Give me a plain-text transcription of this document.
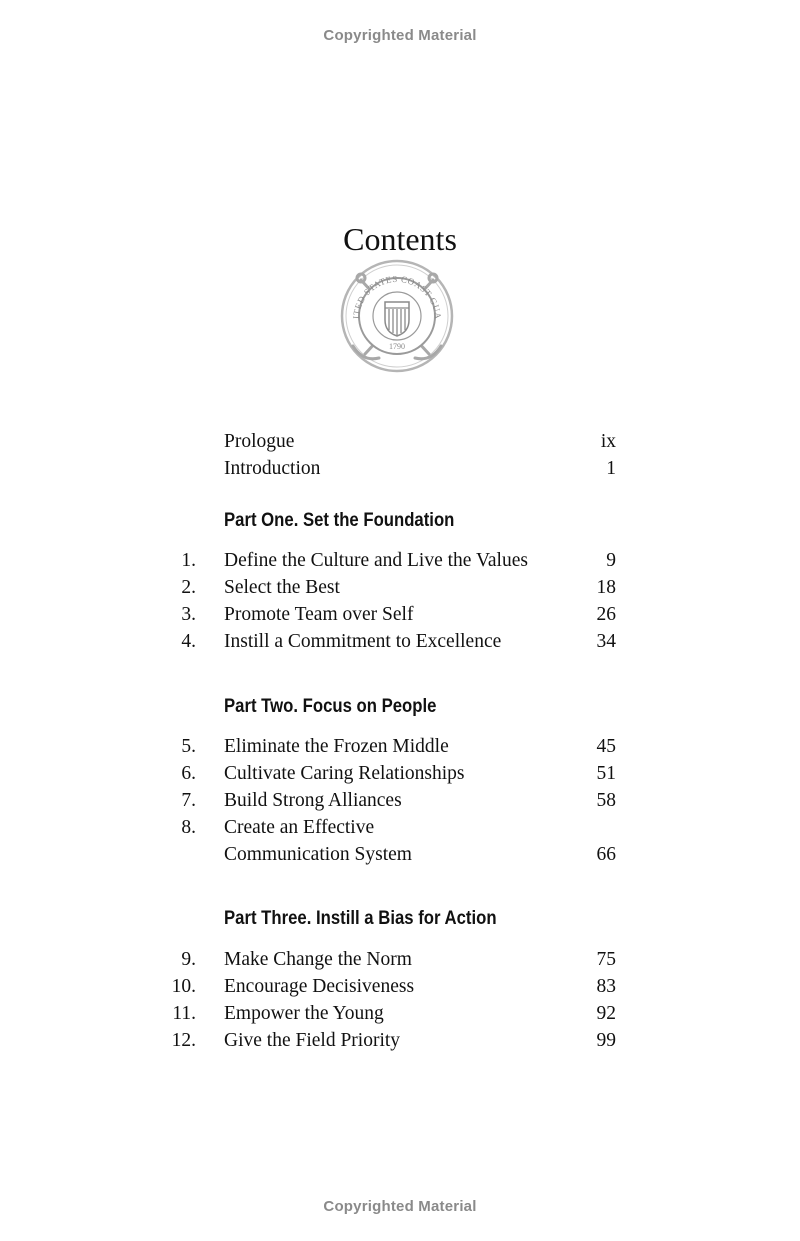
Copyrighted Material
Contents
ITED STATES COAST GUA
1790
Prologue	ix
Introduction	1
Part One. Set the Foundation
1. Define the Culture and Live the Values	9
2. Select the Best	18
3. Promote Team over Self	26
4. Instill a Commitment to Excellence	34
Part Two. Focus on People
5. Eliminate the Frozen Middle	45
6. Cultivate Caring Relationships	51
7. Build Strong Alliances	58
8. Create an Effective
Communication System	66
Part Three. Instill a Bias for Action
9. Make Change the Norm	75
10. Encourage Decisiveness	83
11. Empower the Young	92
12. Give the Field Priority	99
Copyrighted Material
